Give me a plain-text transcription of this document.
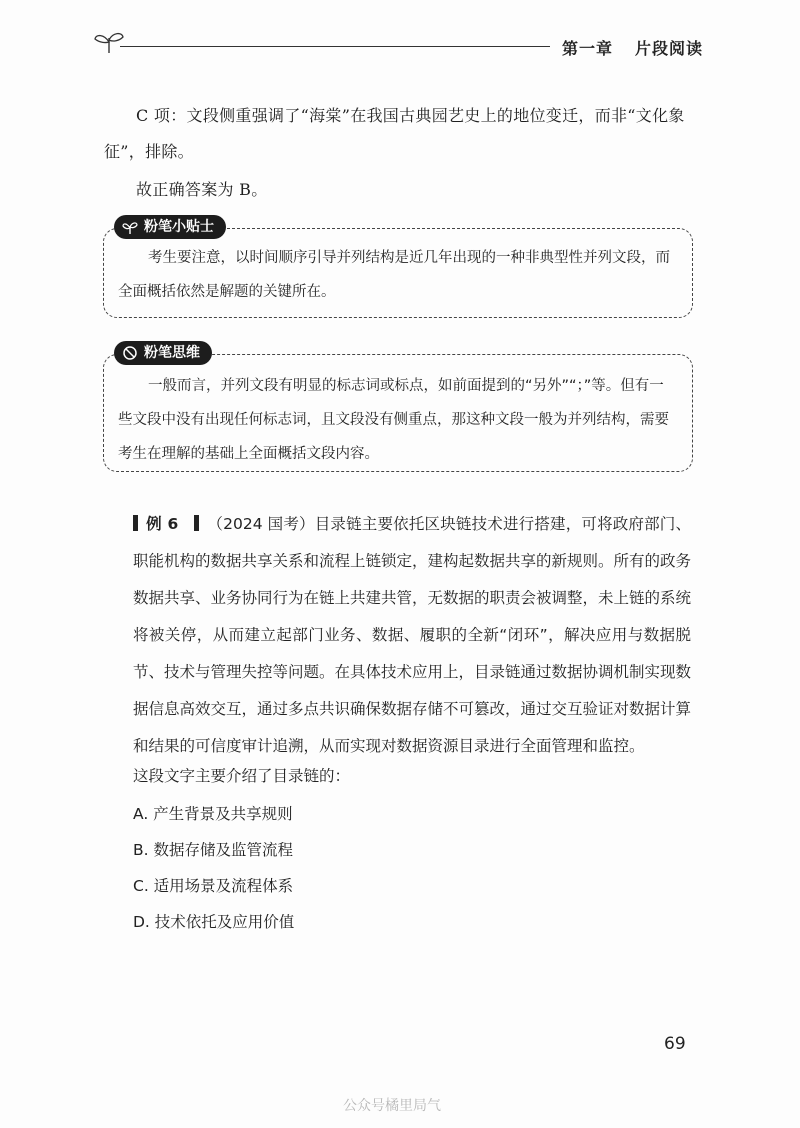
第一章 片段阅读
C 项：文段侧重强调了“海棠”在我国古典园艺史上的地位变迁，而非“文化象征”，排除。
故正确答案为 B。
粉笔小贴士
考生要注意，以时间顺序引导并列结构是近几年出现的一种非典型性并列文段，而全面概括依然是解题的关键所在。
粉笔思维
一般而言，并列文段有明显的标志词或标点，如前面提到的“另外”“；”等。但有一些文段中没有出现任何标志词，且文段没有侧重点，那这种文段一般为并列结构，需要考生在理解的基础上全面概括文段内容。
例 6 （2024 国考）目录链主要依托区块链技术进行搭建，可将政府部门、职能机构的数据共享关系和流程上链锁定，建构起数据共享的新规则。所有的政务数据共享、业务协同行为在链上共建共管，无数据的职责会被调整，未上链的系统将被关停，从而建立起部门业务、数据、履职的全新“闭环”，解决应用与数据脱节、技术与管理失控等问题。在具体技术应用上，目录链通过数据协调机制实现数据信息高效交互，通过多点共识确保数据存储不可篡改，通过交互验证对数据计算和结果的可信度审计追溯，从而实现对数据资源目录进行全面管理和监控。
这段文字主要介绍了目录链的：
A. 产生背景及共享规则
B. 数据存储及监管流程
C. 适用场景及流程体系
D. 技术依托及应用价值
69
公众号橘里局气
